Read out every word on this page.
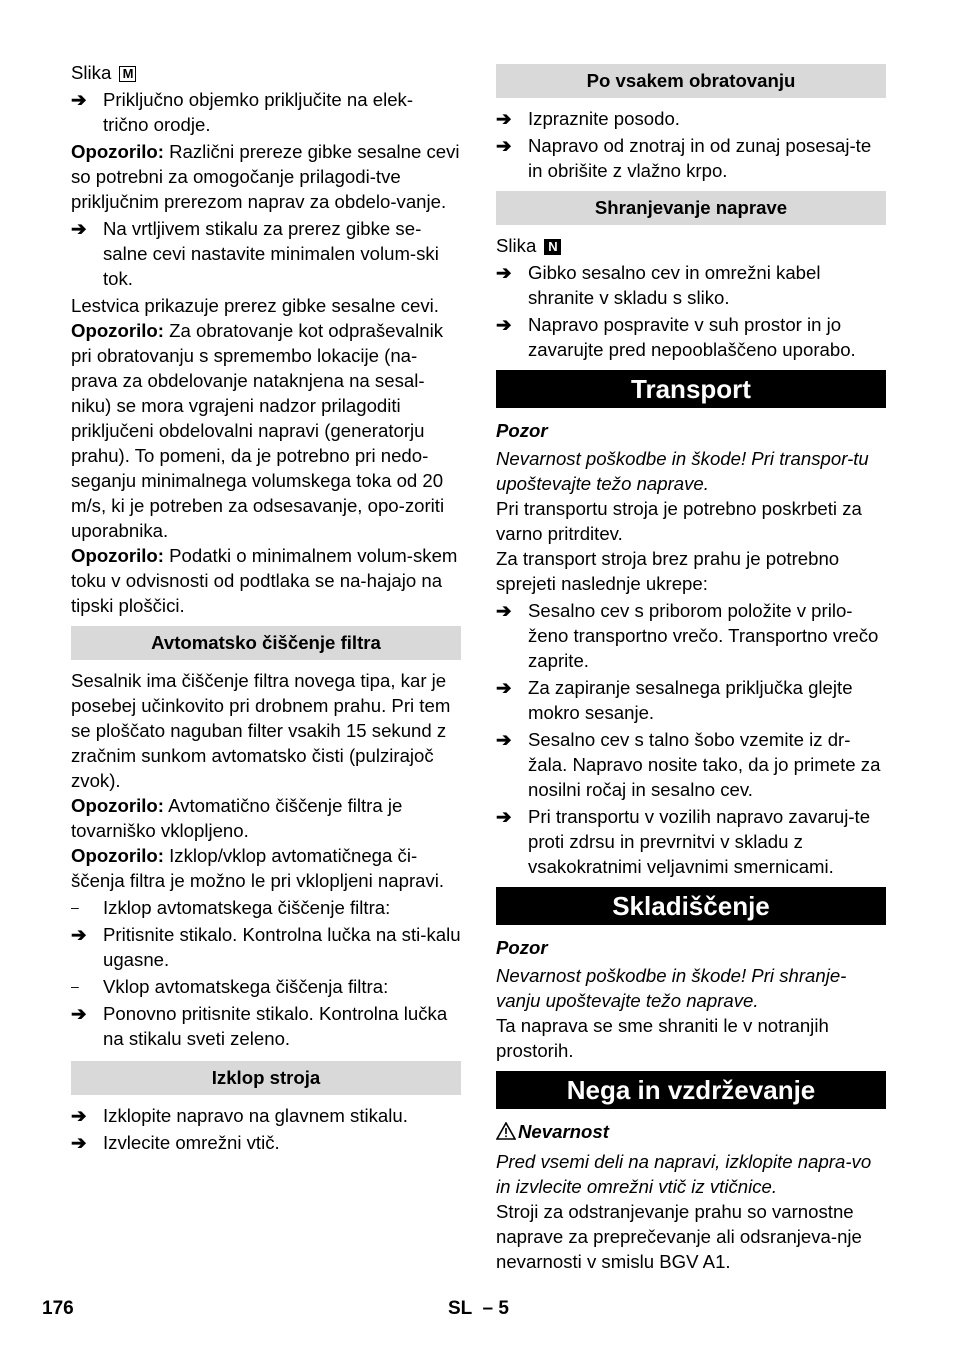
Slika M

➔ Priključno objemko priključite na elek-
trično orodje.

Opozorilo: Različni prereze gibke sesalne cevi so potrebni za omogočanje prilagodi-tve priključnim prerezom naprav za obdelo-vanje.

➔ Na vrtljivem stikalu za prerez gibke se-salne cevi nastavite minimalen volum-ski tok.

Lestvica prikazuje prerez gibke sesalne cevi.

Opozorilo: Za obratovanje kot odpraševalnik pri obratovanju s spremembo lokacije (na-prava za obdelovanje nataknjena na sesal-niku) se mora vgrajeni nadzor prilagoditi priključeni obdelovalni napravi (generatorju prahu). To pomeni, da je potrebno pri nedo-seganju minimalnega volumskega toka od 20 m/s, ki je potreben za odsesavanje, opo-zoriti uporabnika.

Opozorilo: Podatki o minimalnem volum-skem toku v odvisnosti od podtlaka se na-hajajo na tipski ploščici.

Avtomatsko čiščenje filtra

Sesalnik ima čiščenje filtra novega tipa, kar je posebej učinkovito pri drobnem prahu. Pri tem se ploščato naguban filter vsakih 15 sekund z zračnim sunkom avtomatsko čisti (pulzirajoč zvok).

Opozorilo: Avtomatično čiščenje filtra je tovarniško vklopljeno.

Opozorilo: Izklop/vklop avtomatičnega či-ščenja filtra je možno le pri vklopljeni napravi.

–	Izklop avtomatskega čiščenje filtra:
➔ Pritisnite stikalo. Kontrolna lučka na sti-kalu ugasne.
–	Vklop avtomatskega čiščenja filtra:
➔ Ponovno pritisnite stikalo. Kontrolna lučka na stikalu sveti zeleno.
Izklop stroja
➔ Izklopite napravo na glavnem stikalu.
➔ Izvlecite omrežni vtič.
Po vsakem obratovanju
➔ Izpraznite posodo.
➔ Napravo od znotraj in od zunaj posesaj-te in obrišite z vlažno krpo.
Shranjevanje naprave

Slika N

➔ Gibko sesalno cev in omrežni kabel shranite v skladu s sliko.
➔ Napravo pospravite v suh prostor in jo zavarujte pred nepooblaščeno uporabo.
Transport

Pozor

Nevarnost poškodbe in škode! Pri transpor-tu upoštevajte težo naprave.

Pri transportu stroja je potrebno poskrbeti za varno pritrditev.

Za transport stroja brez prahu je potrebno sprejeti naslednje ukrepe:

➔ Sesalno cev s priborom položite v prilo-ženo transportno vrečo. Transportno vrečo zaprite.
➔ Za zapiranje sesalnega priključka glejte mokro sesanje.
➔ Sesalno cev s talno šobo vzemite iz dr-žala. Napravo nosite tako, da jo primete za nosilni ročaj in sesalno cev.
➔ Pri transportu v vozilih napravo zavaruj-te proti zdrsu in prevrnitvi v skladu z vsakokratnimi veljavnimi smernicami.
Skladiščenje

Pozor

Nevarnost poškodbe in škode! Pri shranje-vanju upoštevajte težo naprave.

Ta naprava se sme shraniti le v notranjih prostorih.

Nega in vzdrževanje

Nevarnost

Pred vsemi deli na napravi, izklopite napra-vo in izvlecite omrežni vtič iz vtičnice.

Stroji za odstranjevanje prahu so varnostne naprave za preprečevanje ali odsranjeva-nje nevarnosti v smislu BGV A1.

176	SL  – 5
